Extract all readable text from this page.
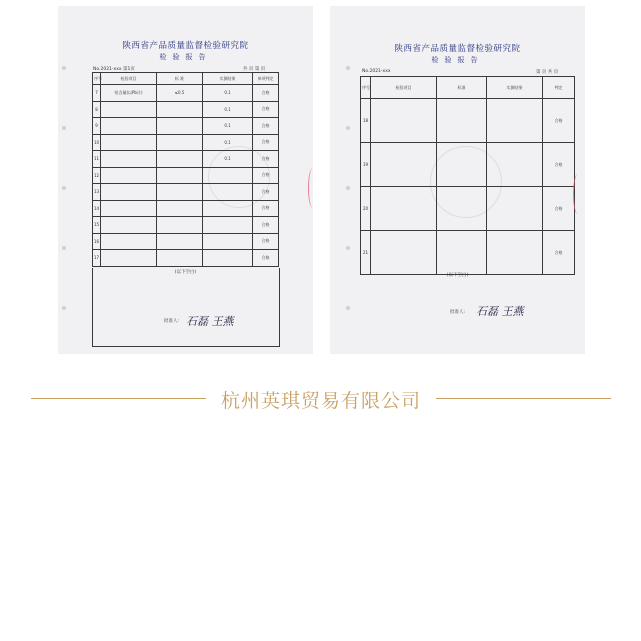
陕西省产品质量监督检验研究院
检验报告
No.2021-xxx 第1页	共 页 第 页
序号	检验项目	标 准	实测结果	单项判定
7	铅含量(以Pb计)	≤0.5	0.1	合格
8			0.1	合格
9			0.1	合格
10			0.1	合格
11			0.1	合格
12				合格
13				合格
14				合格
15				合格
16				合格
17				合格
(以下空白)
批准人: 石磊 王燕
陕西省产品质量监督检验研究院
检验报告
No.2021-xxx	第 页 共 页
序号	检验项目	标准	实测结果	判定
18				合格
19				合格
20				合格
21				合格
(以下空白)
批准人: 石磊 王燕
杭州英琪贸易有限公司
